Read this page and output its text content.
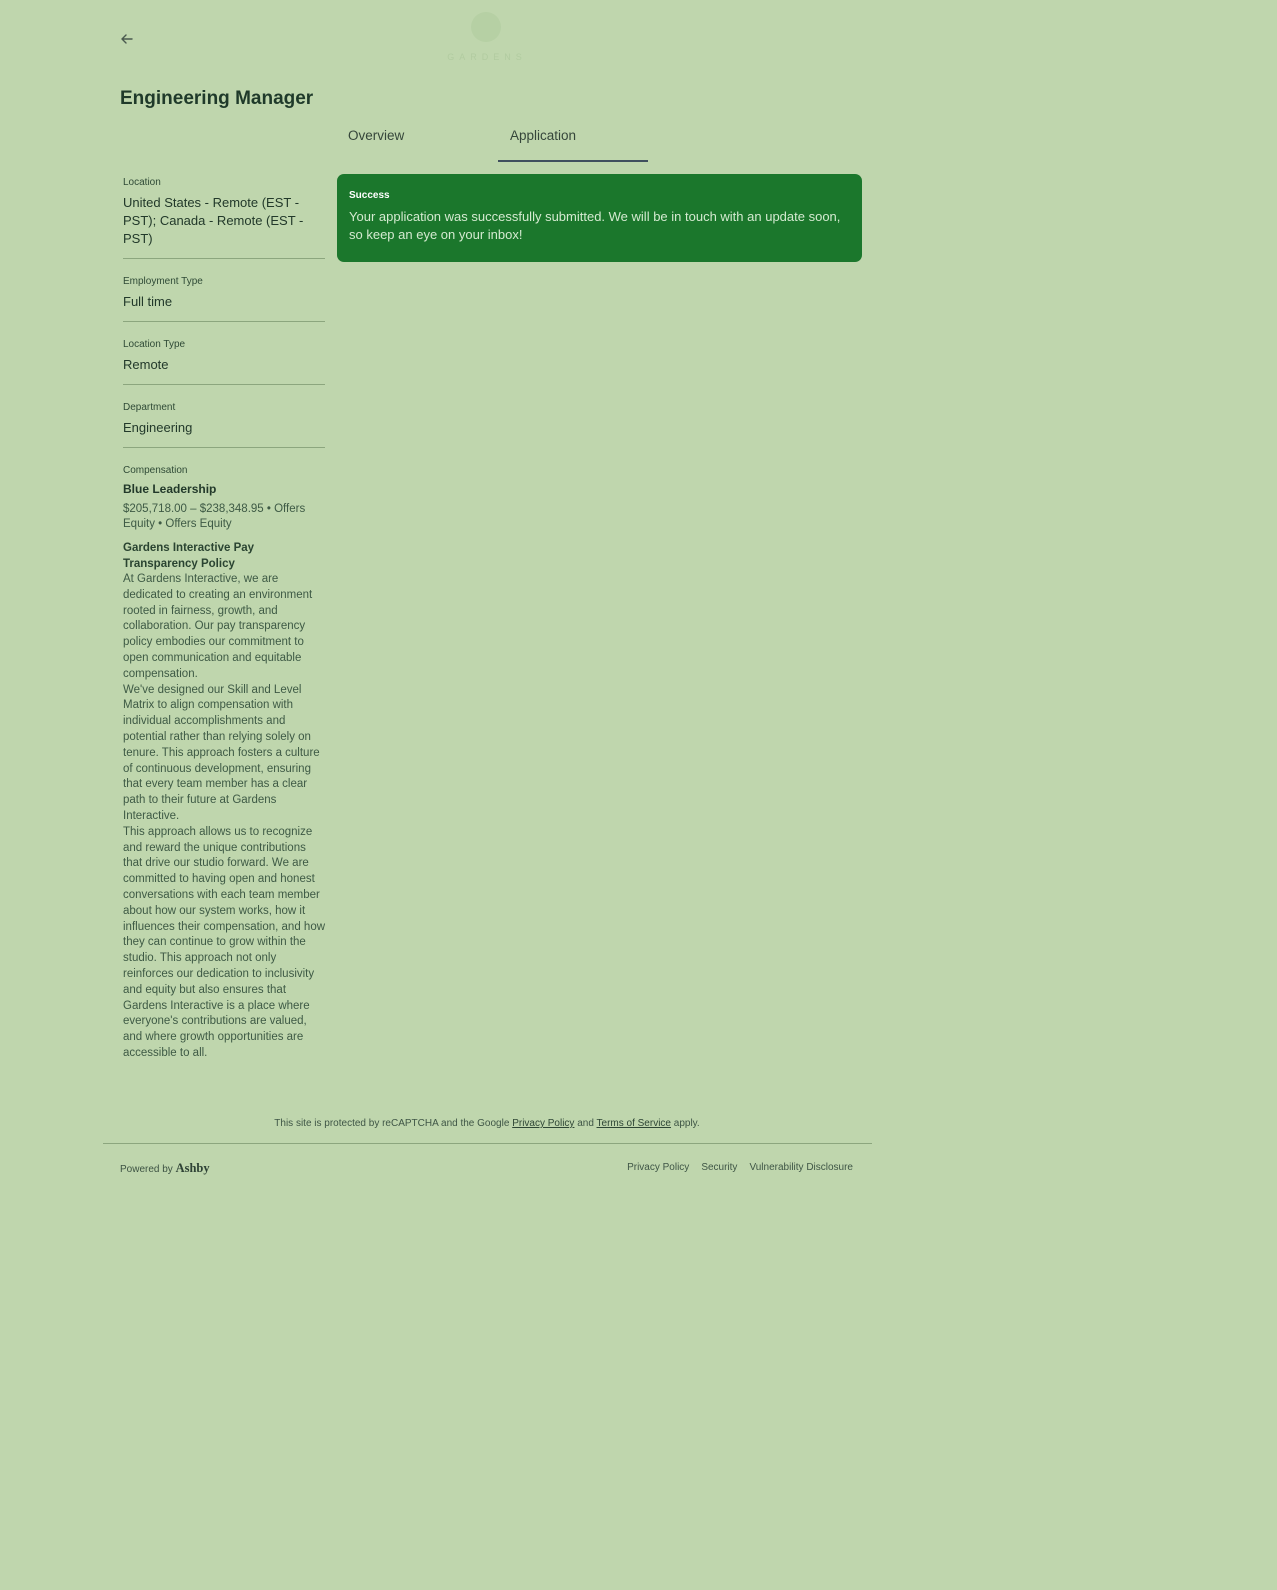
GARDENS
Engineering Manager
Overview	Application
Location
United States - Remote (EST - PST); Canada - Remote (EST - PST)
Employment Type
Full time
Location Type
Remote
Department
Engineering
Compensation
Blue Leadership
$205,718.00 – $238,348.95 • Offers Equity • Offers Equity
Gardens Interactive Pay Transparency Policy

At Gardens Interactive, we are dedicated to creating an environment rooted in fairness, growth, and collaboration. Our pay transparency policy embodies our commitment to open communication and equitable compensation.

We've designed our Skill and Level Matrix to align compensation with individual accomplishments and potential rather than relying solely on tenure. This approach fosters a culture of continuous development, ensuring that every team member has a clear path to their future at Gardens Interactive.

This approach allows us to recognize and reward the unique contributions that drive our studio forward. We are committed to having open and honest conversations with each team member about how our system works, how it influences their compensation, and how they can continue to grow within the studio. This approach not only reinforces our dedication to inclusivity and equity but also ensures that Gardens Interactive is a place where everyone's contributions are valued, and where growth opportunities are accessible to all.

Success
Your application was successfully submitted. We will be in touch with an update soon, so keep an eye on your inbox!
This site is protected by reCAPTCHA and the Google Privacy Policy and Terms of Service apply.
Powered by Ashby	Privacy Policy Security Vulnerability Disclosure
